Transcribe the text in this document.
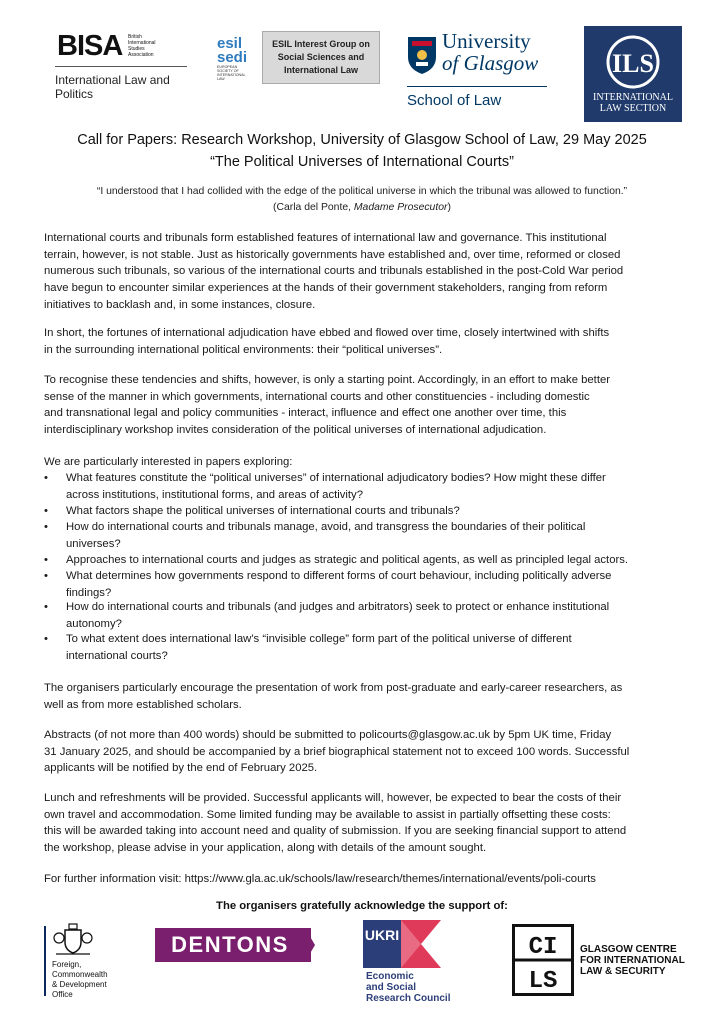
BISA British
International
Studies
Association
International Law and
Politics
esil
sedi
EUROPEAN
SOCIETY OF
INTERNATIONAL
LAW
ESIL Interest Group on
Social Sciences and
International Law
University
of Glasgow
School of Law
ILS
INTERNATIONAL
LAW SECTION
Call for Papers: Research Workshop, University of Glasgow School of Law, 29 May 2025
“The Political Universes of International Courts”
“I understood that I had collided with the edge of the political universe in which the tribunal was allowed to function.”
(Carla del Ponte, Madame Prosecutor)
International courts and tribunals form established features of international law and governance. This institutional
terrain, however, is not stable. Just as historically governments have established and, over time, reformed or closed
numerous such tribunals, so various of the international courts and tribunals established in the post-Cold War period
have begun to encounter similar experiences at the hands of their government stakeholders, ranging from reform
initiatives to backlash and, in some instances, closure.
In short, the fortunes of international adjudication have ebbed and flowed over time, closely intertwined with shifts
in the surrounding international political environments: their “political universes”.
To recognise these tendencies and shifts, however, is only a starting point. Accordingly, in an effort to make better
sense of the manner in which governments, international courts and other constituencies - including domestic
and transnational legal and policy communities - interact, influence and effect one another over time, this
interdisciplinary workshop invites consideration of the political universes of international adjudication.
We are particularly interested in papers exploring:
• What features constitute the “political universes” of international adjudicatory bodies? How might these differ
across institutions, institutional forms, and areas of activity?
• What factors shape the political universes of international courts and tribunals?
• How do international courts and tribunals manage, avoid, and transgress the boundaries of their political
universes?
• Approaches to international courts and judges as strategic and political agents, as well as principled legal actors.
• What determines how governments respond to different forms of court behaviour, including politically adverse
findings?
• How do international courts and tribunals (and judges and arbitrators) seek to protect or enhance institutional
autonomy?
• To what extent does international law’s “invisible college” form part of the political universe of different
international courts?
The organisers particularly encourage the presentation of work from post-graduate and early-career researchers, as
well as from more established scholars.
Abstracts (of not more than 400 words) should be submitted to policourts@glasgow.ac.uk by 5pm UK time, Friday
31 January 2025, and should be accompanied by a brief biographical statement not to exceed 100 words. Successful
applicants will be notified by the end of February 2025.
Lunch and refreshments will be provided. Successful applicants will, however, be expected to bear the costs of their
own travel and accommodation. Some limited funding may be available to assist in partially offsetting these costs:
this will be awarded taking into account need and quality of submission. If you are seeking financial support to attend
the workshop, please advise in your application, along with details of the amount sought.
For further information visit: https://www.gla.ac.uk/schools/law/research/themes/international/events/poli-courts
The organisers gratefully acknowledge the support of:
Foreign,
Commonwealth
& Development
Office
DENTONS	UKRI
Economic
and Social
Research Council
CI
LS
GLASGOW CENTRE
FOR INTERNATIONAL
LAW & SECURITY
